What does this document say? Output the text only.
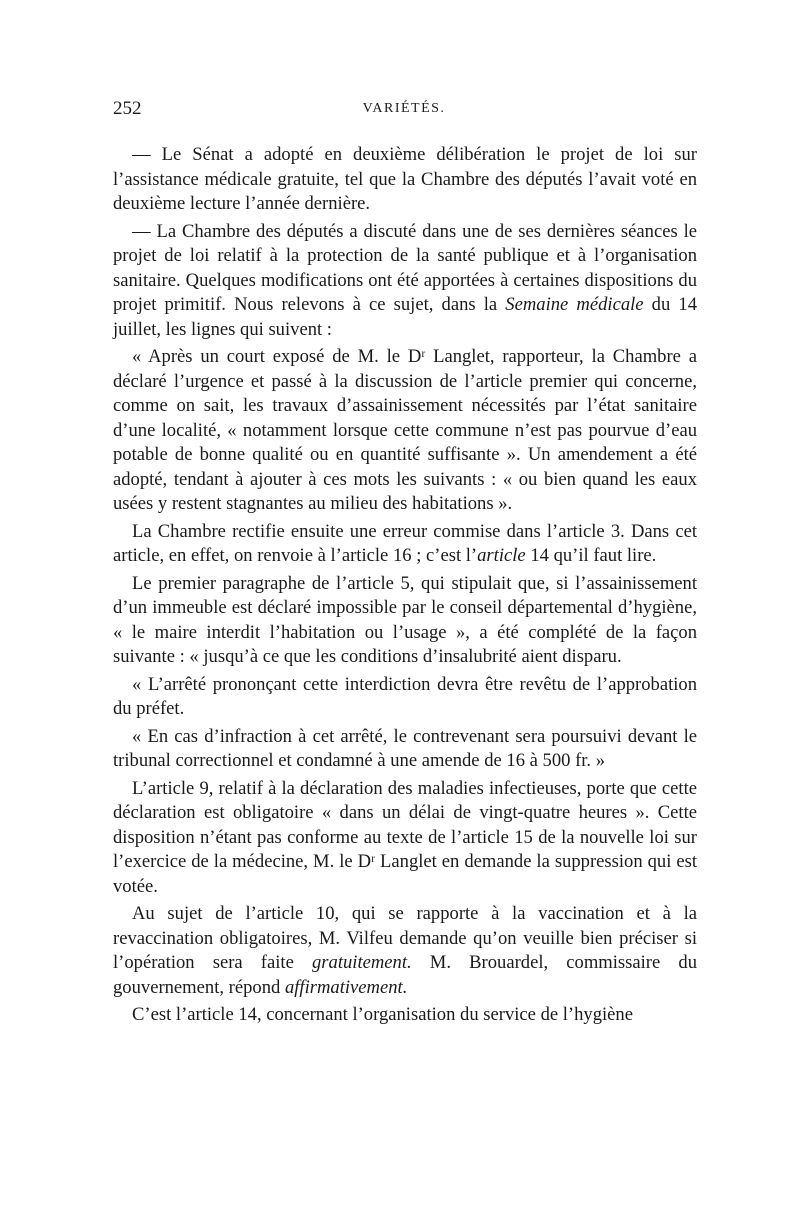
252	VARIÉTÉS.

— Le Sénat a adopté en deuxième délibération le projet de loi sur l’assistance médicale gratuite, tel que la Chambre des députés l’avait voté en deuxième lecture l’année dernière.

— La Chambre des députés a discuté dans une de ses dernières séances le projet de loi relatif à la protection de la santé publique et à l’organisation sanitaire. Quelques modifications ont été apportées à certaines dispositions du projet primitif. Nous relevons à ce sujet, dans la Semaine médicale du 14 juillet, les lignes qui suivent :

« Après un court exposé de M. le Dʳ Langlet, rapporteur, la Chambre a déclaré l’urgence et passé à la discussion de l’article premier qui concerne, comme on sait, les travaux d’assainissement nécessités par l’état sanitaire d’une localité, « notamment lorsque cette commune n’est pas pourvue d’eau potable de bonne qualité ou en quantité suffisante ». Un amendement a été adopté, tendant à ajouter à ces mots les suivants : « ou bien quand les eaux usées y restent stagnantes au milieu des habitations ».

La Chambre rectifie ensuite une erreur commise dans l’article 3. Dans cet article, en effet, on renvoie à l’article 16 ; c’est l’article 14 qu’il faut lire.

Le premier paragraphe de l’article 5, qui stipulait que, si l’assainissement d’un immeuble est déclaré impossible par le conseil départemental d’hygiène, « le maire interdit l’habitation ou l’usage », a été complété de la façon suivante : « jusqu’à ce que les conditions d’insalubrité aient disparu.

« L’arrêté prononçant cette interdiction devra être revêtu de l’approbation du préfet.

« En cas d’infraction à cet arrêté, le contrevenant sera poursuivi devant le tribunal correctionnel et condamné à une amende de 16 à 500 fr. »

L’article 9, relatif à la déclaration des maladies infectieuses, porte que cette déclaration est obligatoire « dans un délai de vingt-quatre heures ». Cette disposition n’étant pas conforme au texte de l’article 15 de la nouvelle loi sur l’exercice de la médecine, M. le Dʳ Langlet en demande la suppression qui est votée.

Au sujet de l’article 10, qui se rapporte à la vaccination et à la revaccination obligatoires, M. Vilfeu demande qu’on veuille bien préciser si l’opération sera faite gratuitement. M. Brouardel, commissaire du gouvernement, répond affirmativement.

C’est l’article 14, concernant l’organisation du service de l’hygiène
